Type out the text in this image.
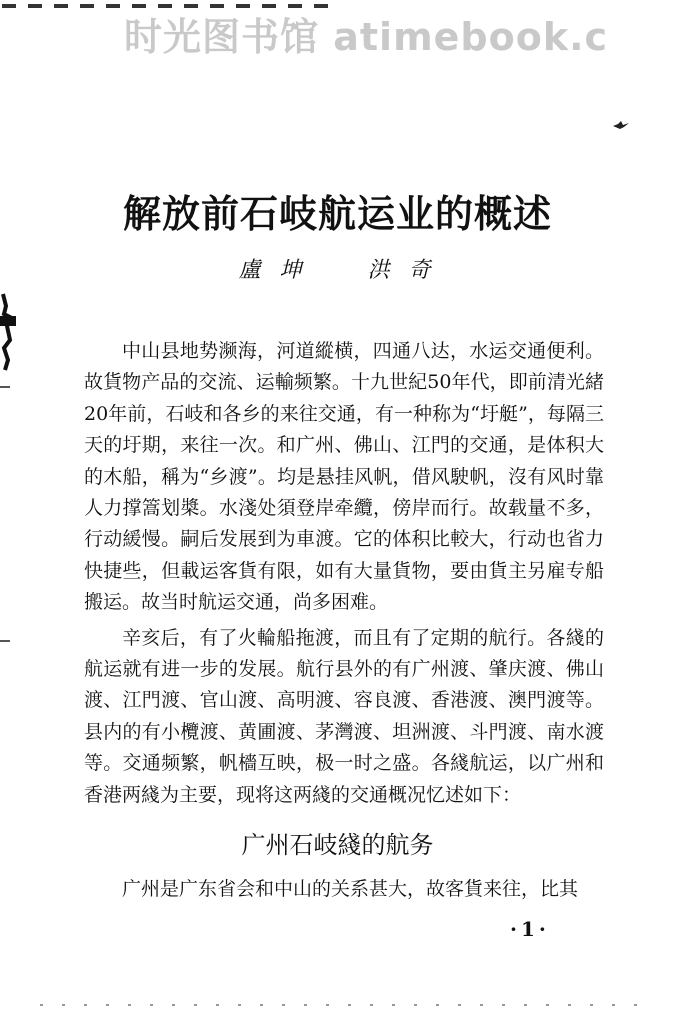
时光图书馆 atimebook.c
解放前石岐航运业的概述
盧 坤	洪 奇

中山县地势濒海，河道縱横，四通八达，水运交通便利。故貨物产品的交流、运輸频繁。十九世紀50年代，即前清光緒20年前，石岐和各乡的来往交通，有一种称为“圩艇”，每隔三天的圩期，来往一次。和广州、佛山、江門的交通，是体积大的木船，稱为“乡渡”。均是悬挂风帆，借风駛帆，沒有风时靠人力撑篙划槳。水淺处須登岸牵纜，傍岸而行。故载量不多，行动緩慢。嗣后发展到为車渡。它的体积比較大，行动也省力快捷些，但載运客貨有限，如有大量貨物，要由貨主另雇专船搬运。故当时航运交通，尚多困难。

辛亥后，有了火輪船拖渡，而且有了定期的航行。各綫的航运就有进一步的发展。航行县外的有广州渡、肇庆渡、佛山渡、江門渡、官山渡、高明渡、容良渡、香港渡、澳門渡等。县内的有小欖渡、黄圃渡、茅灣渡、坦洲渡、斗門渡、南水渡等。交通频繁，帆檣互映，极一时之盛。各綫航运，以广州和香港两綫为主要，现将这两綫的交通概况忆述如下：

广州石岐綫的航务
广州是广东省会和中山的关系甚大，故客貨来往，比其
·1·
